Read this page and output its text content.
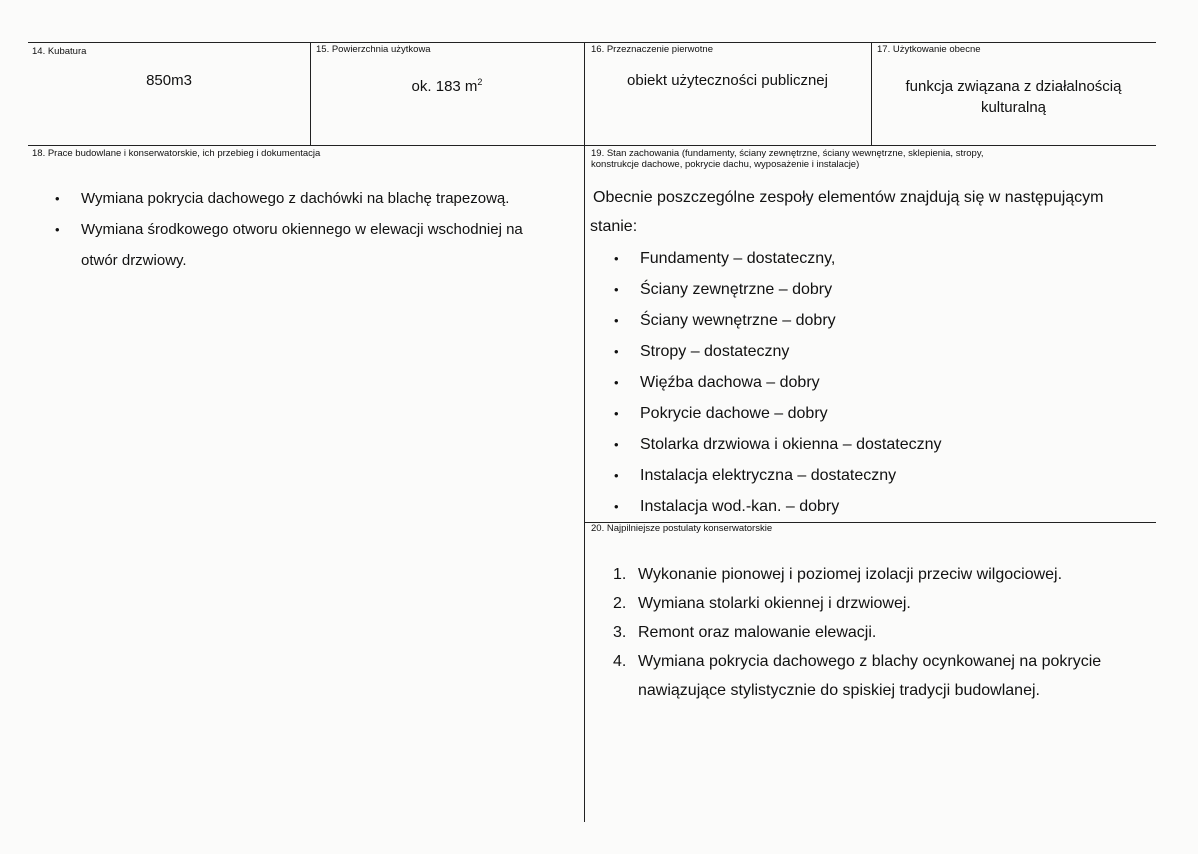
14. Kubatura
850m3
15. Powierzchnia użytkowa
ok. 183 $m^2$
16. Przeznaczenie pierwotne
obiekt użyteczności publicznej
17. Użytkowanie obecne
funkcja związana z działalnością
kulturalną
18. Prace budowlane i konserwatorskie, ich przebieg i dokumentacja
• Wymiana pokrycia dachowego z dachówki na blachę trapezową.
• Wymiana środkowego otworu okiennego w elewacji wschodniej na
otwór drzwiowy.
19. Stan zachowania (fundamenty, ściany zewnętrzne, ściany wewnętrzne, sklepienia, stropy,
konstrukcje dachowe, pokrycie dachu, wyposażenie i instalacje)
Obecnie poszczególne zespoły elementów znajdują się w następującym
stanie:
• Fundamenty – dostateczny,
• Ściany zewnętrzne – dobry
• Ściany wewnętrzne – dobry
• Stropy – dostateczny
• Więźba dachowa – dobry
• Pokrycie dachowe – dobry
• Stolarka drzwiowa i okienna – dostateczny
• Instalacja elektryczna – dostateczny
• Instalacja wod.-kan. – dobry
20. Najpilniejsze postulaty konserwatorskie
1. Wykonanie pionowej i poziomej izolacji przeciw wilgociowej.
2. Wymiana stolarki okiennej i drzwiowej.
3. Remont oraz malowanie elewacji.
4. Wymiana pokrycia dachowego z blachy ocynkowanej na pokrycie
nawiązujące stylistycznie do spiskiej tradycji budowlanej.
